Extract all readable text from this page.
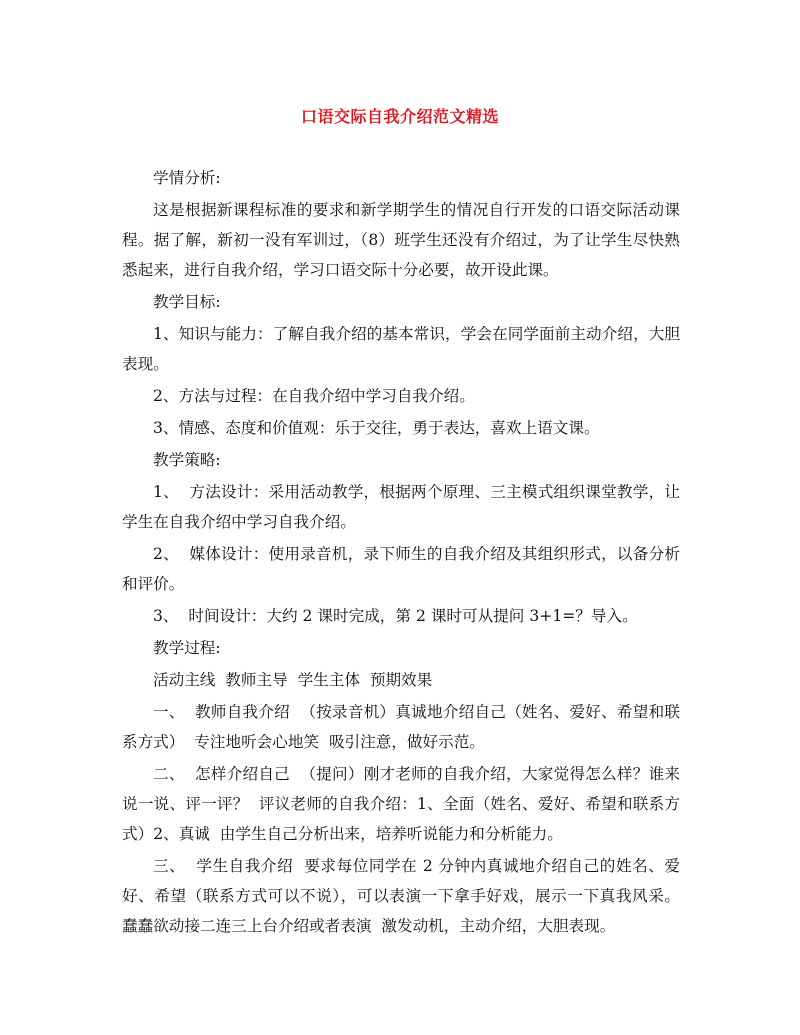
口语交际自我介绍范文精选

学情分析:

这是根据新课程标准的要求和新学期学生的情况自行开发的口语交际活动课程。据了解，新初一没有军训过，（8）班学生还没有介绍过，为了让学生尽快熟悉起来，进行自我介绍，学习口语交际十分必要，故开设此课。

教学目标:

1、知识与能力：了解自我介绍的基本常识，学会在同学面前主动介绍，大胆表现。

2、方法与过程：在自我介绍中学习自我介绍。

3、情感、态度和价值观：乐于交往，勇于表达，喜欢上语文课。

教学策略:

1、  方法设计：采用活动教学，根据两个原理、三主模式组织课堂教学，让学生在自我介绍中学习自我介绍。

2、  媒体设计：使用录音机，录下师生的自我介绍及其组织形式，以备分析和评价。

3、  时间设计：大约 2 课时完成，第 2 课时可从提问 3+1=？导入。

教学过程:

活动主线  教师主导  学生主体  预期效果

一、  教师自我介绍  （按录音机）真诚地介绍自己（姓名、爱好、希望和联系方式）  专注地听会心地笑  吸引注意，做好示范。

二、  怎样介绍自己  （提问）刚才老师的自我介绍，大家觉得怎么样？谁来说一说、评一评？  评议老师的自我介绍：1、全面（姓名、爱好、希望和联系方式）2、真诚  由学生自己分析出来，培养听说能力和分析能力。

三、  学生自我介绍  要求每位同学在 2 分钟内真诚地介绍自己的姓名、爱好、希望（联系方式可以不说），可以表演一下拿手好戏，展示一下真我风采。  蠢蠢欲动接二连三上台介绍或者表演  激发动机，主动介绍，大胆表现。
